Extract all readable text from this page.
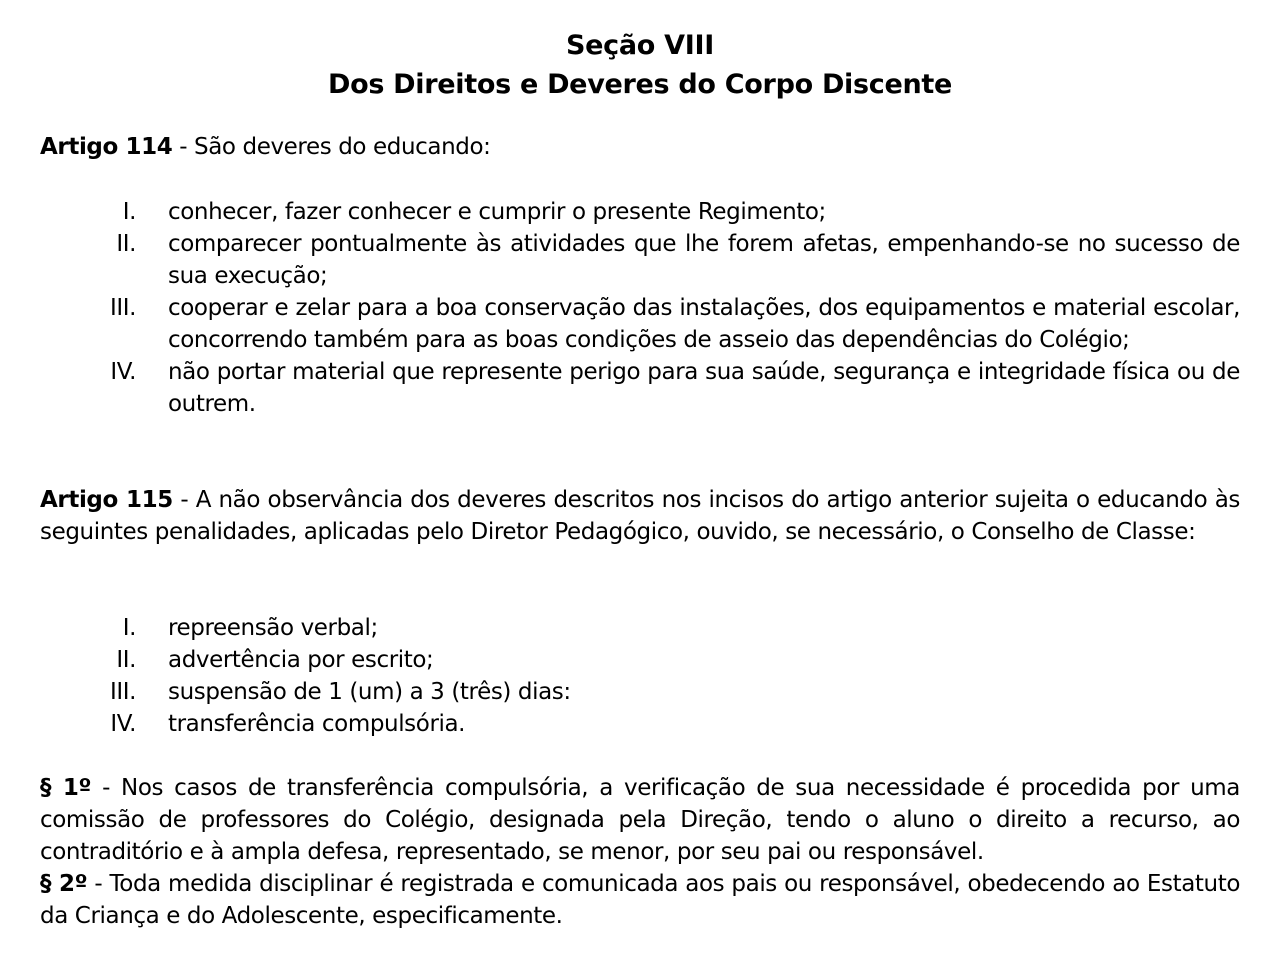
Seção VIII
Dos Direitos e Deveres do Corpo Discente

Artigo 114 - São deveres do educando:

I.	conhecer, fazer conhecer e cumprir o presente Regimento;
II.	comparecer pontualmente às atividades que lhe forem afetas, empenhando-se no sucesso de sua execução;
III.	cooperar e zelar para a boa conservação das instalações, dos equipamentos e material escolar, concorrendo também para as boas condições de asseio das dependências do Colégio;
IV.	não portar material que represente perigo para sua saúde, segurança e integridade física ou de outrem.

Artigo 115 - A não observância dos deveres descritos nos incisos do artigo anterior sujeita o educando às seguintes penalidades, aplicadas pelo Diretor Pedagógico, ouvido, se necessário, o Conselho de Classe:

I.	repreensão verbal;
II.	advertência por escrito;
III.	suspensão de 1 (um) a 3 (três) dias:
IV.	transferência compulsória.

§ 1º - Nos casos de transferência compulsória, a verificação de sua necessidade é procedida por uma comissão de professores do Colégio, designada pela Direção, tendo o aluno o direito a recurso, ao contraditório e à ampla defesa, representado, se menor, por seu pai ou responsável.

§ 2º - Toda medida disciplinar é registrada e comunicada aos pais ou responsável, obedecendo ao Estatuto da Criança e do Adolescente, especificamente.
